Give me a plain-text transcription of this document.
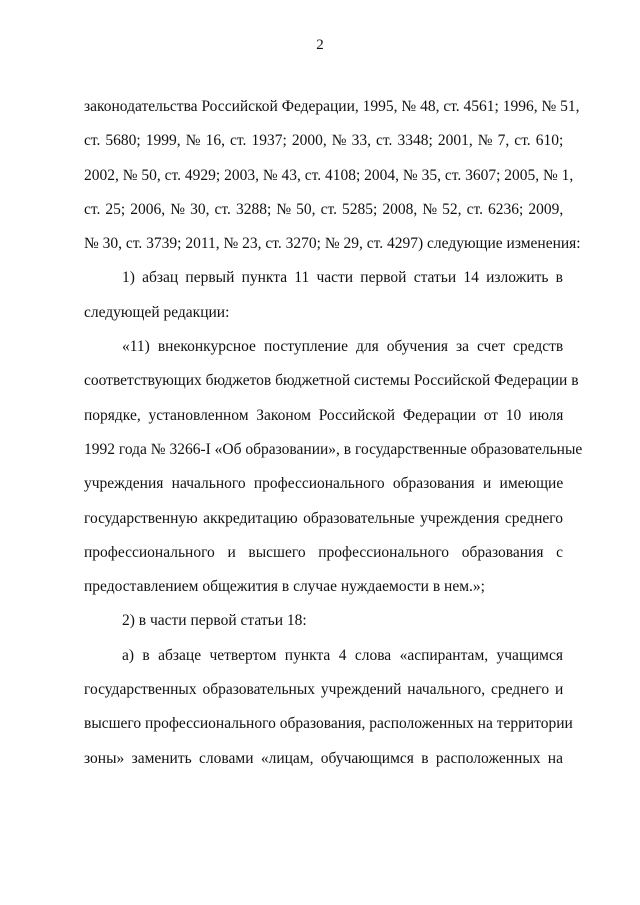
2
законодательства Российской Федерации, 1995, № 48, ст. 4561; 1996, № 51,
ст. 5680; 1999, № 16, ст. 1937; 2000, № 33, ст. 3348; 2001, № 7, ст. 610;
2002, № 50, ст. 4929; 2003, № 43, ст. 4108; 2004, № 35, ст. 3607; 2005, № 1,
ст. 25; 2006, № 30, ст. 3288; № 50, ст. 5285; 2008, № 52, ст. 6236; 2009,
№ 30, ст. 3739; 2011, № 23, ст. 3270; № 29, ст. 4297) следующие изменения:
1) абзац первый пункта 11 части первой статьи 14 изложить в
следующей редакции:
«11) внеконкурсное поступление для обучения за счет средств
соответствующих бюджетов бюджетной системы Российской Федерации в
порядке, установленном Законом Российской Федерации от 10 июля
1992 года № 3266-I «Об образовании», в государственные образовательные
учреждения начального профессионального образования и имеющие
государственную аккредитацию образовательные учреждения среднего
профессионального и высшего профессионального образования с
предоставлением общежития в случае нуждаемости в нем.»;
2) в части первой статьи 18:
а) в абзаце четвертом пункта 4 слова «аспирантам, учащимся
государственных образовательных учреждений начального, среднего и
высшего профессионального образования, расположенных на территории
зоны» заменить словами «лицам, обучающимся в расположенных на
